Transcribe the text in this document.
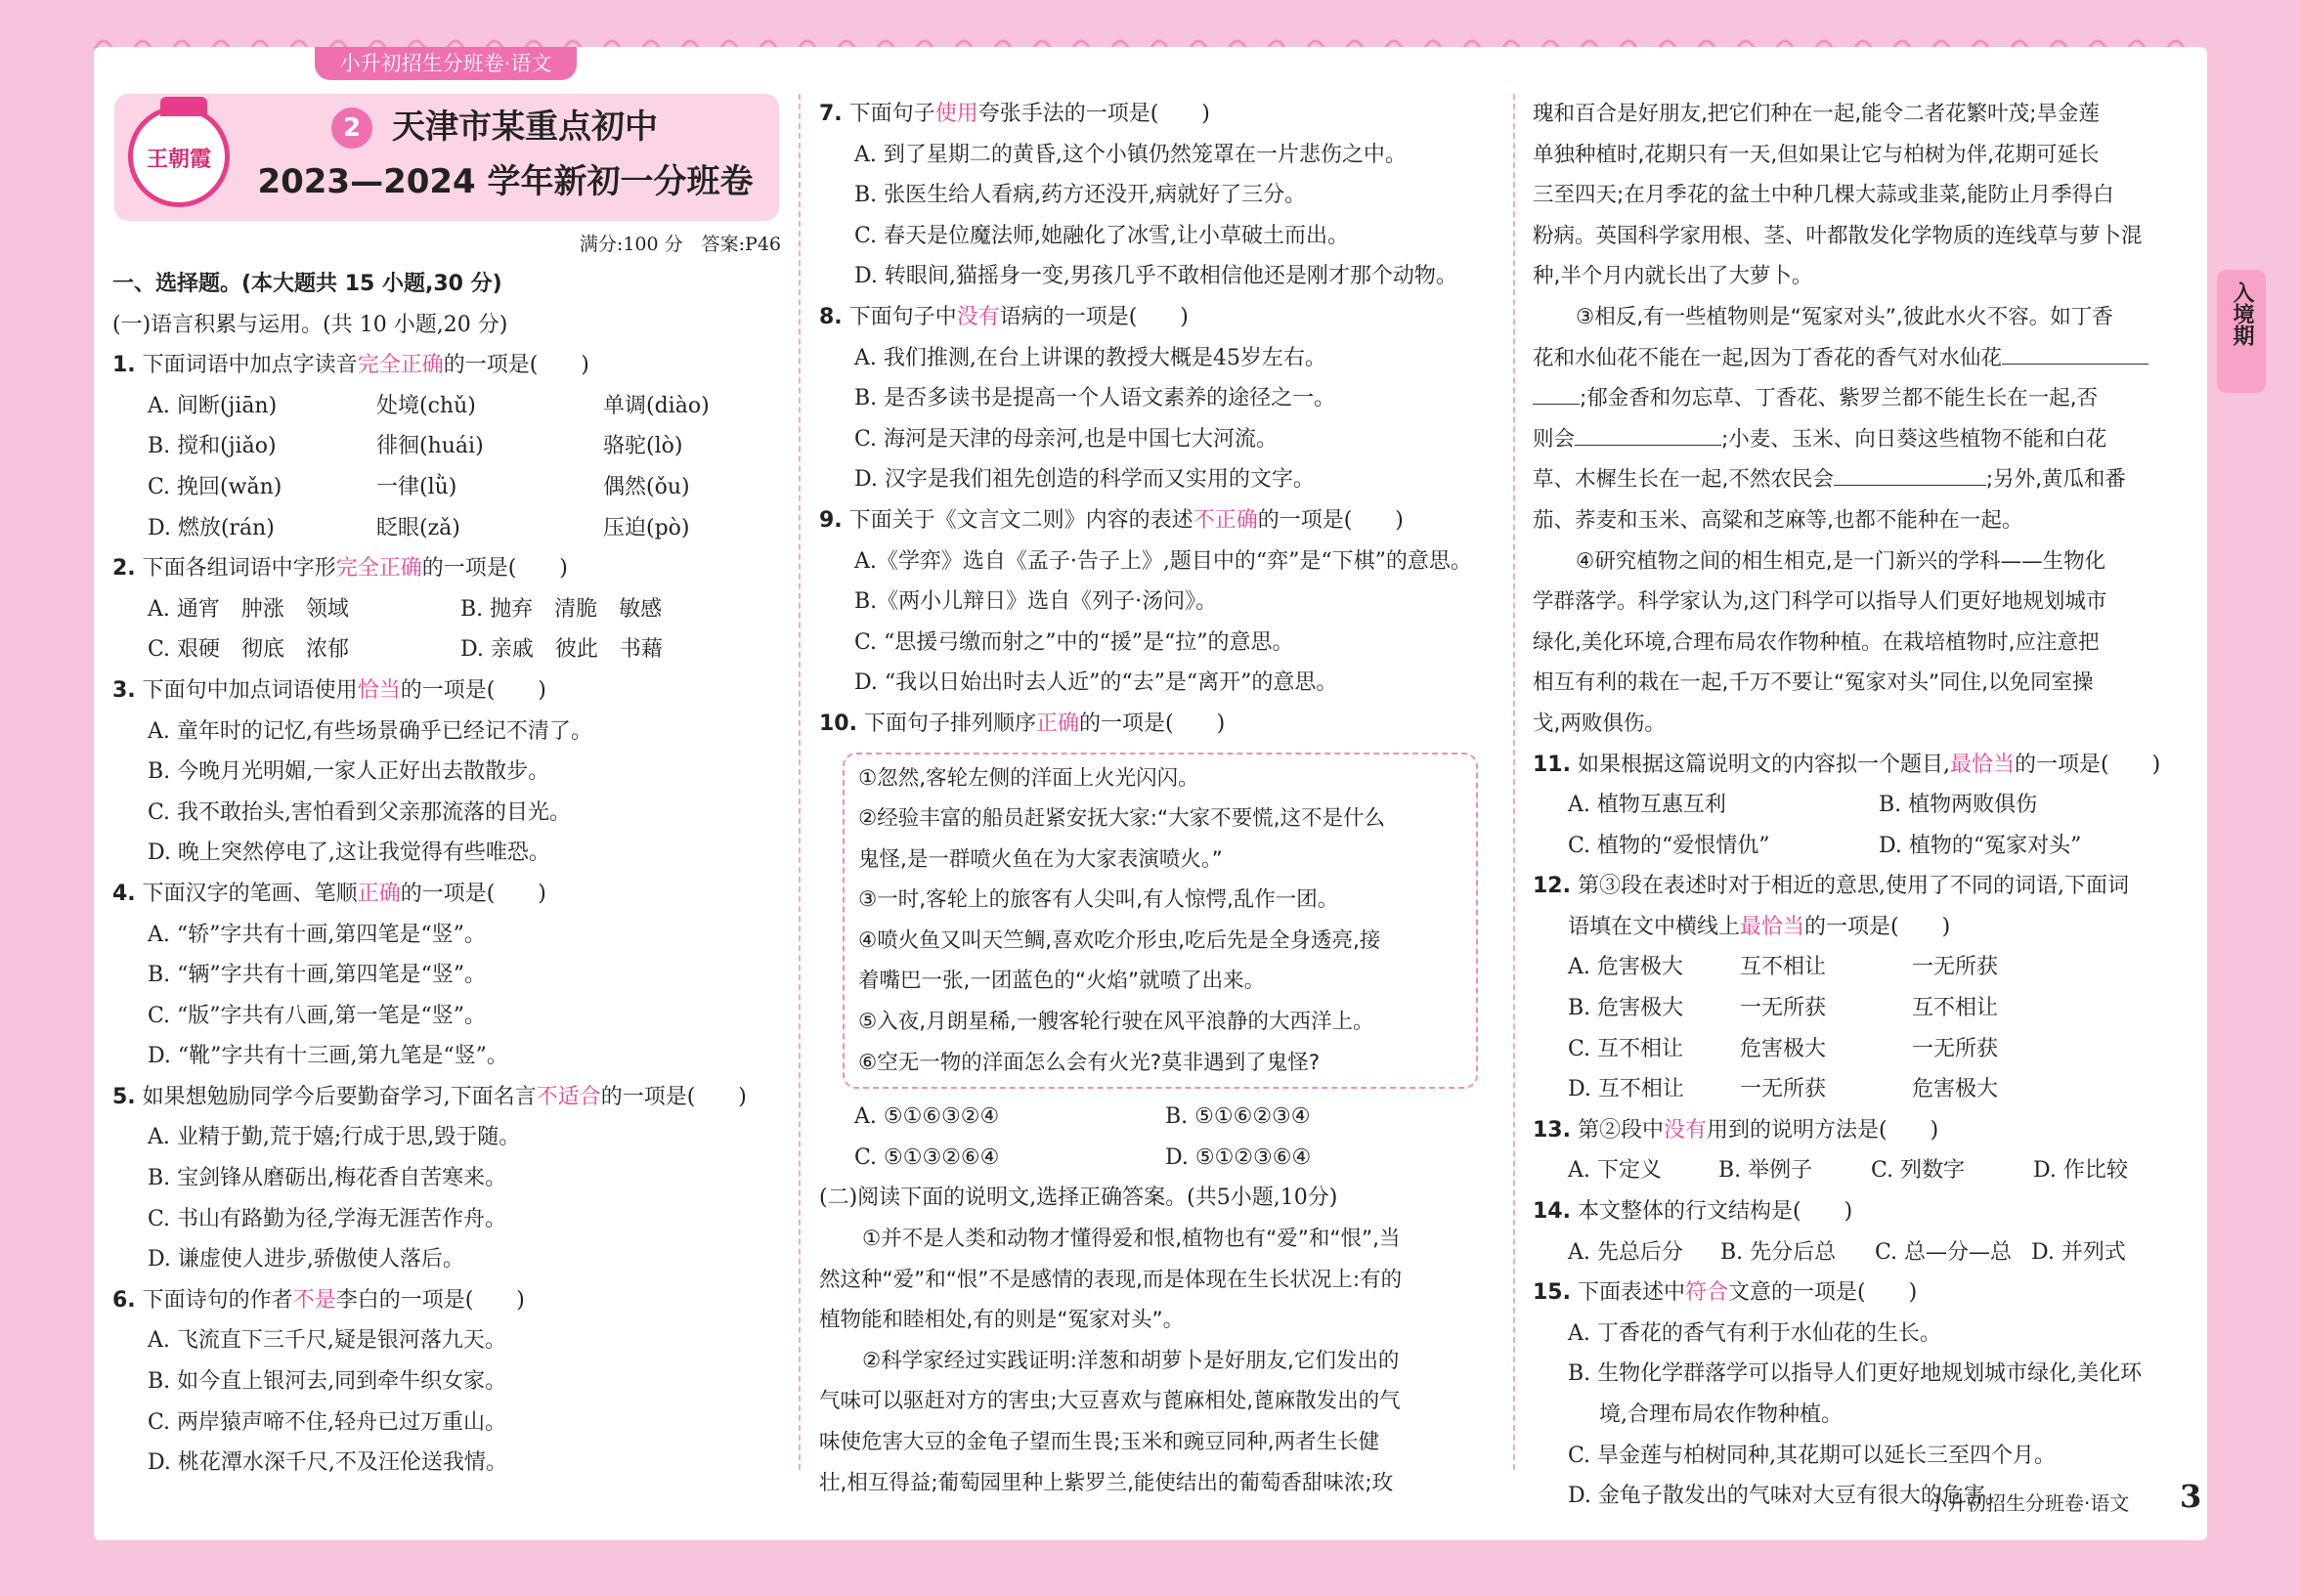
小升初招生分班卷·语文
入境期
王朝霞
2 天津市某重点初中
2023—2024 学年新初一分班卷
满分:100 分　答案:P46
一、选择题。(本大题共 15 小题,30 分)
(一)语言积累与运用。(共 10 小题,20 分)
1. 下面词语中加点字读音完全正确的一项是(　　)
A. 间断(jiān)	处境(chǔ)	单调(diào)
B. 搅和(jiǎo)	徘徊(huái)	骆驼(lò)
C. 挽回(wǎn)	一律(lǜ)	偶然(ǒu)
D. 燃放(rán)	眨眼(zǎ)	压迫(pò)
2. 下面各组词语中字形完全正确的一项是(　　)
A. 通宵　肿涨　领域	B. 抛弃　清脆　敏感
C. 艰硬　彻底　浓郁	D. 亲戚　彼此　书藉
3. 下面句中加点词语使用恰当的一项是(　　)
A. 童年时的记忆,有些场景确乎已经记不清了。
B. 今晚月光明媚,一家人正好出去散散步。
C. 我不敢抬头,害怕看到父亲那流落的目光。
D. 晚上突然停电了,这让我觉得有些唯恐。
4. 下面汉字的笔画、笔顺正确的一项是(　　)
A. “轿”字共有十画,第四笔是“竖”。
B. “辆”字共有十画,第四笔是“竖”。
C. “版”字共有八画,第一笔是“竖”。
D. “靴”字共有十三画,第九笔是“竖”。
5. 如果想勉励同学今后要勤奋学习,下面名言不适合的一项是(　　)
A. 业精于勤,荒于嬉;行成于思,毁于随。
B. 宝剑锋从磨砺出,梅花香自苦寒来。
C. 书山有路勤为径,学海无涯苦作舟。
D. 谦虚使人进步,骄傲使人落后。
6. 下面诗句的作者不是李白的一项是(　　)
A. 飞流直下三千尺,疑是银河落九天。
B. 如今直上银河去,同到牵牛织女家。
C. 两岸猿声啼不住,轻舟已过万重山。
D. 桃花潭水深千尺,不及汪伦送我情。
7. 下面句子使用夸张手法的一项是(　　)
A. 到了星期二的黄昏,这个小镇仍然笼罩在一片悲伤之中。
B. 张医生给人看病,药方还没开,病就好了三分。
C. 春天是位魔法师,她融化了冰雪,让小草破土而出。
D. 转眼间,猫摇身一变,男孩几乎不敢相信他还是刚才那个动物。
8. 下面句子中没有语病的一项是(　　)
A. 我们推测,在台上讲课的教授大概是45岁左右。
B. 是否多读书是提高一个人语文素养的途径之一。
C. 海河是天津的母亲河,也是中国七大河流。
D. 汉字是我们祖先创造的科学而又实用的文字。
9. 下面关于《文言文二则》内容的表述不正确的一项是(　　)
A.《学弈》选自《孟子·告子上》,题目中的“弈”是“下棋”的意思。
B.《两小儿辩日》选自《列子·汤问》。
C. “思援弓缴而射之”中的“援”是“拉”的意思。
D. “我以日始出时去人近”的“去”是“离开”的意思。
10. 下面句子排列顺序正确的一项是(　　)
①忽然,客轮左侧的洋面上火光闪闪。
②经验丰富的船员赶紧安抚大家:“大家不要慌,这不是什么
鬼怪,是一群喷火鱼在为大家表演喷火。”
③一时,客轮上的旅客有人尖叫,有人惊愕,乱作一团。
④喷火鱼又叫天竺鲷,喜欢吃介形虫,吃后先是全身透亮,接
着嘴巴一张,一团蓝色的“火焰”就喷了出来。
⑤入夜,月朗星稀,一艘客轮行驶在风平浪静的大西洋上。
⑥空无一物的洋面怎么会有火光?莫非遇到了鬼怪?
A. ⑤①⑥③②④	B. ⑤①⑥②③④
C. ⑤①③②⑥④	D. ⑤①②③⑥④
(二)阅读下面的说明文,选择正确答案。(共5小题,10分)
①并不是人类和动物才懂得爱和恨,植物也有“爱”和“恨”,当
然这种“爱”和“恨”不是感情的表现,而是体现在生长状况上:有的
植物能和睦相处,有的则是“冤家对头”。
②科学家经过实践证明:洋葱和胡萝卜是好朋友,它们发出的
气味可以驱赶对方的害虫;大豆喜欢与蓖麻相处,蓖麻散发出的气
味使危害大豆的金龟子望而生畏;玉米和豌豆同种,两者生长健
壮,相互得益;葡萄园里种上紫罗兰,能使结出的葡萄香甜味浓;玫
瑰和百合是好朋友,把它们种在一起,能令二者花繁叶茂;旱金莲
单独种植时,花期只有一天,但如果让它与柏树为伴,花期可延长
三至四天;在月季花的盆土中种几棵大蒜或韭菜,能防止月季得白
粉病。英国科学家用根、茎、叶都散发化学物质的连线草与萝卜混
种,半个月内就长出了大萝卜。
③相反,有一些植物则是“冤家对头”,彼此水火不容。如丁香
花和水仙花不能在一起,因为丁香花的香气对水仙花
;郁金香和勿忘草、丁香花、紫罗兰都不能生长在一起,否
则会	;小麦、玉米、向日葵这些植物不能和白花
草、木樨生长在一起,不然农民会	;另外,黄瓜和番
茄、荞麦和玉米、高粱和芝麻等,也都不能种在一起。
④研究植物之间的相生相克,是一门新兴的学科——生物化
学群落学。科学家认为,这门科学可以指导人们更好地规划城市
绿化,美化环境,合理布局农作物种植。在栽培植物时,应注意把
相互有利的栽在一起,千万不要让“冤家对头”同住,以免同室操
戈,两败俱伤。
11. 如果根据这篇说明文的内容拟一个题目,最恰当的一项是(　　)
A. 植物互惠互利	B. 植物两败俱伤
C. 植物的“爱恨情仇”	D. 植物的“冤家对头”
12. 第③段在表述时对于相近的意思,使用了不同的词语,下面词
语填在文中横线上最恰当的一项是(　　)
A. 危害极大	互不相让	一无所获
B. 危害极大	一无所获	互不相让
C. 互不相让	危害极大	一无所获
D. 互不相让	一无所获	危害极大
13. 第②段中没有用到的说明方法是(　　)
A. 下定义	B. 举例子	C. 列数字	D. 作比较
14. 本文整体的行文结构是(　　)
A. 先总后分	B. 先分后总	C. 总—分—总 D. 并列式
15. 下面表述中符合文意的一项是(　　)
A. 丁香花的香气有利于水仙花的生长。
B. 生物化学群落学可以指导人们更好地规划城市绿化,美化环
境,合理布局农作物种植。
C. 旱金莲与柏树同种,其花期可以延长三至四个月。
D. 金龟子散发出的气味对大豆有很大的危害。
小升初招生分班卷·语文 3
